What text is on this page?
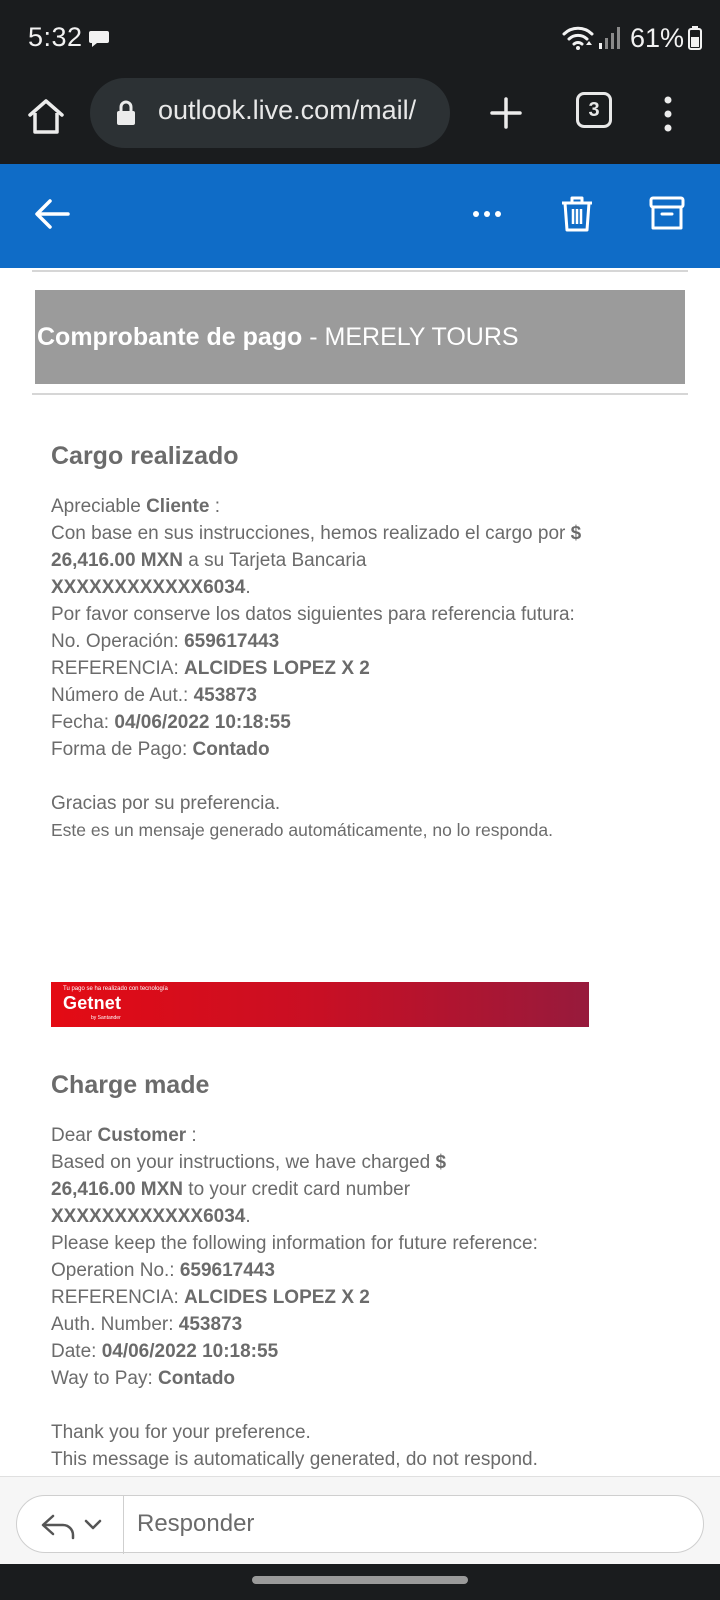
5:32	61%
outlook.live.com/mail/	3
Comprobante de pago - MERELY TOURS
Cargo realizado
Apreciable Cliente :
Con base en sus instrucciones, hemos realizado el cargo por $ 26,416.00 MXN a su Tarjeta Bancaria
XXXXXXXXXXXX6034.
Por favor conserve los datos siguientes para referencia futura:
No. Operación: 659617443
REFERENCIA: ALCIDES LOPEZ X 2
Número de Aut.: 453873
Fecha: 04/06/2022 10:18:55
Forma de Pago: Contado
Gracias por su preferencia.
Este es un mensaje generado automáticamente, no lo responda.
Tu pago se ha realizado con tecnología
Getnet
by Santander
Charge made
Dear Customer :
Based on your instructions, we have charged $
26,416.00 MXN to your credit card number
XXXXXXXXXXXX6034.
Please keep the following information for future reference:
Operation No.: 659617443
REFERENCIA: ALCIDES LOPEZ X 2
Auth. Number: 453873
Date: 04/06/2022 10:18:55
Way to Pay: Contado
Thank you for your preference.
This message is automatically generated, do not respond.
Responder
